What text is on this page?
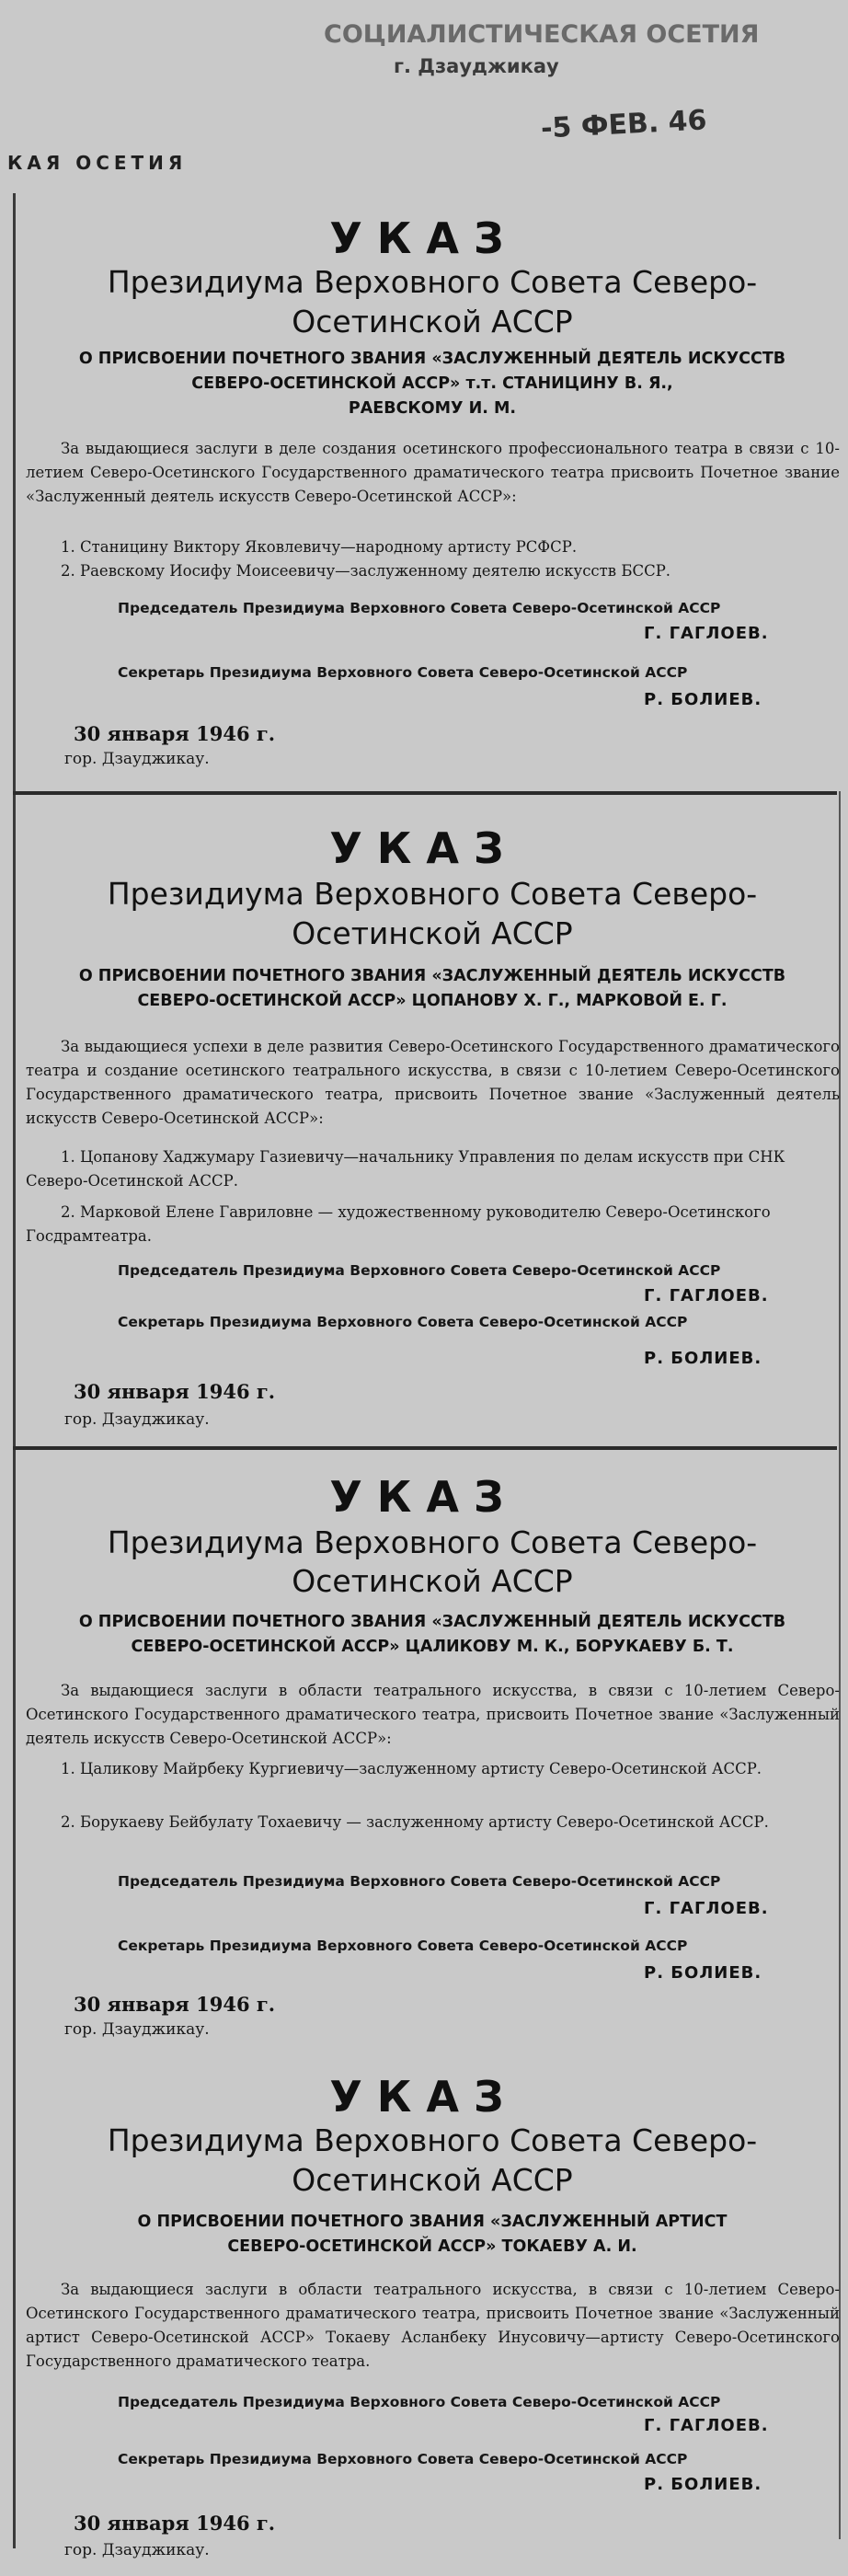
СОЦИАЛИСТИЧЕСКАЯ ОСЕТИЯ
г. Дзауджикау
-5 ФЕВ. 46
КАЯ ОСЕТИЯ
УКАЗ
Президиума Верховного Совета Северо-
Осетинской АССР
О ПРИСВОЕНИИ ПОЧЕТНОГО ЗВАНИЯ «ЗАСЛУЖЕННЫЙ ДЕЯТЕЛЬ ИСКУССТВ
СЕВЕРО-ОСЕТИНСКОЙ АССР» т.т. СТАНИЦИНУ В. Я.,
РАЕВСКОМУ И. М.
За выдающиеся заслуги в деле создания осетинского профессионального театра в связи с 10-летием Северо-Осетинского Государственного драматического театра присвоить Почетное звание «Заслуженный деятель искусств Северо-Осетинской АССР»:
1. Станицину Виктору Яковлевичу—народному артисту РСФСР.
2. Раевскому Иосифу Моисеевичу—заслуженному деятелю искусств БССР.
Председатель Президиума Верховного Совета Северо-Осетинской АССР
Г. ГАГЛОЕВ.
Секретарь Президиума Верховного Совета Северо-Осетинской АССР
Р. БОЛИЕВ.
30 января 1946 г.
гор. Дзауджикау.
УКАЗ
Президиума Верховного Совета Северо-
Осетинской АССР
О ПРИСВОЕНИИ ПОЧЕТНОГО ЗВАНИЯ «ЗАСЛУЖЕННЫЙ ДЕЯТЕЛЬ ИСКУССТВ
СЕВЕРО-ОСЕТИНСКОЙ АССР» ЦОПАНОВУ Х. Г., МАРКОВОЙ Е. Г.
За выдающиеся успехи в деле развития Северо-Осетинского Государственного драматического театра и создание осетинского театрального искусства, в связи с 10-летием Северо-Осетинского Государственного драматического театра, присвоить Почетное звание «Заслуженный деятель искусств Северо-Осетинской АССР»:
1. Цопанову Хаджумару Газиевичу—начальнику Управления по делам искусств при СНК Северо-Осетинской АССР.
2. Марковой Елене Гавриловне — художественному руководителю Северо-Осетинского Госдрамтеатра.
Председатель Президиума Верховного Совета Северо-Осетинской АССР
Г. ГАГЛОЕВ.
Секретарь Президиума Верховного Совета Северо-Осетинской АССР
Р. БОЛИЕВ.
30 января 1946 г.
гор. Дзауджикау.
УКАЗ
Президиума Верховного Совета Северо-
Осетинской АССР
О ПРИСВОЕНИИ ПОЧЕТНОГО ЗВАНИЯ «ЗАСЛУЖЕННЫЙ ДЕЯТЕЛЬ ИСКУССТВ
СЕВЕРО-ОСЕТИНСКОЙ АССР» ЦАЛИКОВУ М. К., БОРУКАЕВУ Б. Т.
За выдающиеся заслуги в области театрального искусства, в связи с 10-летием Северо-Осетинского Государственного драматического театра, присвоить Почетное звание «Заслуженный деятель искусств Северо-Осетинской АССР»:
1. Цаликову Майрбеку Кургиевичу—заслуженному артисту Северо-Осетинской АССР.
2. Борукаеву Бейбулату Тохаевичу — заслуженному артисту Северо-Осетинской АССР.
Председатель Президиума Верховного Совета Северо-Осетинской АССР
Г. ГАГЛОЕВ.
Секретарь Президиума Верховного Совета Северо-Осетинской АССР
Р. БОЛИЕВ.
30 января 1946 г.
гор. Дзауджикау.
УКАЗ
Президиума Верховного Совета Северо-
Осетинской АССР
О ПРИСВОЕНИИ ПОЧЕТНОГО ЗВАНИЯ «ЗАСЛУЖЕННЫЙ АРТИСТ
СЕВЕРО-ОСЕТИНСКОЙ АССР» ТОКАЕВУ А. И.
За выдающиеся заслуги в области театрального искусства, в связи с 10-летием Северо-Осетинского Государственного драматического театра, присвоить Почетное звание «Заслуженный артист Северо-Осетинской АССР» Токаеву Асланбеку Инусовичу—артисту Северо-Осетинского Государственного драматического театра.
Председатель Президиума Верховного Совета Северо-Осетинской АССР
Г. ГАГЛОЕВ.
Секретарь Президиума Верховного Совета Северо-Осетинской АССР
Р. БОЛИЕВ.
30 января 1946 г.
гор. Дзауджикау.
